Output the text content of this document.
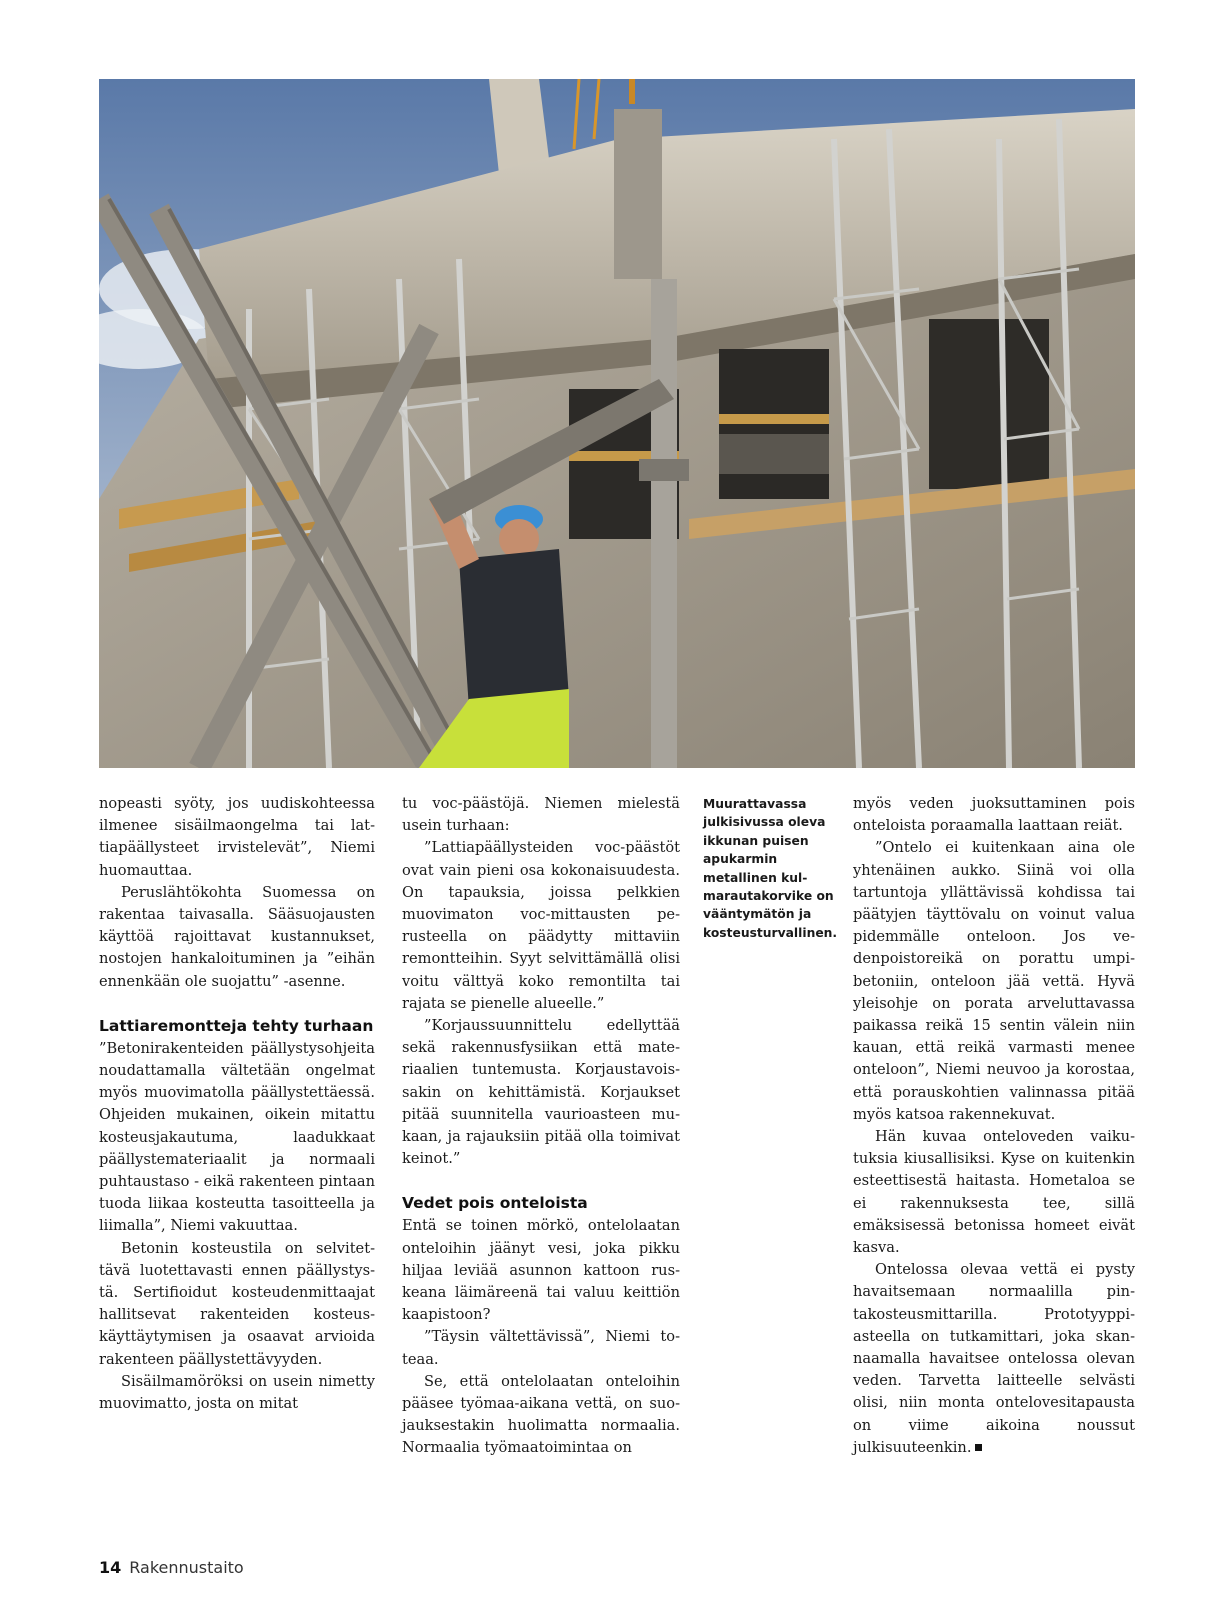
nopeasti syöty, jos uudiskohteessa ilmenee sisäilmaongelma tai lattiapäällysteet irvistelevät”, Niemi huomauttaa.

Peruslähtökohta Suomessa on rakentaa taivasalla. Sääsuojausten käyttöä rajoittavat kustannukset, nostojen hankaloituminen ja ”eihän ennenkään ole suojattu” -asenne.

Lattiaremontteja tehty turhaan

”Betonirakenteiden päällystysohjeita noudattamalla vältetään ongelmat myös muovimatolla päällystettäessä. Ohjeiden mukainen, oikein mitattu kosteusjakautuma, laadukkaat päällystemateriaalit ja normaali puhtaustaso - eikä rakenteen pintaan tuoda liikaa kosteutta tasoitteella ja liimalla”, Niemi vakuuttaa.

Betonin kosteustila on selvitettävä luotettavasti ennen päällystystä. Sertifioidut kosteudenmittaajat hallitsevat rakenteiden kosteuskäyttäytymisen ja osaavat arvioida rakenteen päällystettävyyden.

Sisäilmamöröksi on usein nimetty muovimatto, josta on mitat

tu voc-päästöjä. Niemen mielestä usein turhaan:

”Lattiapäällysteiden voc-päästöt ovat vain pieni osa kokonaisuudesta. On tapauksia, joissa pelkkien muovimaton voc-mittausten perusteella on päädytty mittaviin remontteihin. Syyt selvittämällä olisi voitu välttyä koko remontilta tai rajata se pienelle alueelle.”

”Korjaussuunnittelu edellyttää sekä rakennusfysiikan että materiaalien tuntemusta. Korjaustavoissakin on kehittämistä. Korjaukset pitää suunnitella vaurioasteen mukaan, ja rajauksiin pitää olla toimivat keinot.”

Vedet pois onteloista

Entä se toinen mörkö, ontelolaatan onteloihin jäänyt vesi, joka pikku hiljaa leviää asunnon kattoon ruskeana läimäreenä tai valuu keittiön kaapistoon?

”Täysin vältettävissä”, Niemi toteaa.

Se, että ontelolaatan onteloihin pääsee työmaa-aikana vettä, on suojauksestakin huolimatta normaalia. Normaalia työmaatoimintaa on

Muurattavassa julkisivussa oleva ikkunan puisen apukarmin metallinen kulmarautakorvike on vääntymätön ja kosteusturvallinen.

myös veden juoksuttaminen pois onteloista poraamalla laattaan reiät.

”Ontelo ei kuitenkaan aina ole yhtenäinen aukko. Siinä voi olla tartuntoja yllättävissä kohdissa tai päätyjen täyttövalu on voinut valua pidemmälle onteloon. Jos vedenpoistoreikä on porattu umpibetoniin, onteloon jää vettä. Hyvä yleisohje on porata arveluttavassa paikassa reikä 15 sentin välein niin kauan, että reikä varmasti menee onteloon”, Niemi neuvoo ja korostaa, että porauskohtien valinnassa pitää myös katsoa rakennekuvat.

Hän kuvaa onteloveden vaikutuksia kiusallisiksi. Kyse on kuitenkin esteettisestä haitasta. Hometaloa se ei rakennuksesta tee, sillä emäksisessä betonissa homeet eivät kasva.

Ontelossa olevaa vettä ei pysty havaitsemaan normaalilla pintakosteusmittarilla. Prototyyppiasteella on tutkamittari, joka skannaamalla havaitsee ontelossa olevan veden. Tarvetta laitteelle selvästi olisi, niin monta ontelovesitapausta on viime aikoina noussut julkisuuteenkin.

14 Rakennustaito
